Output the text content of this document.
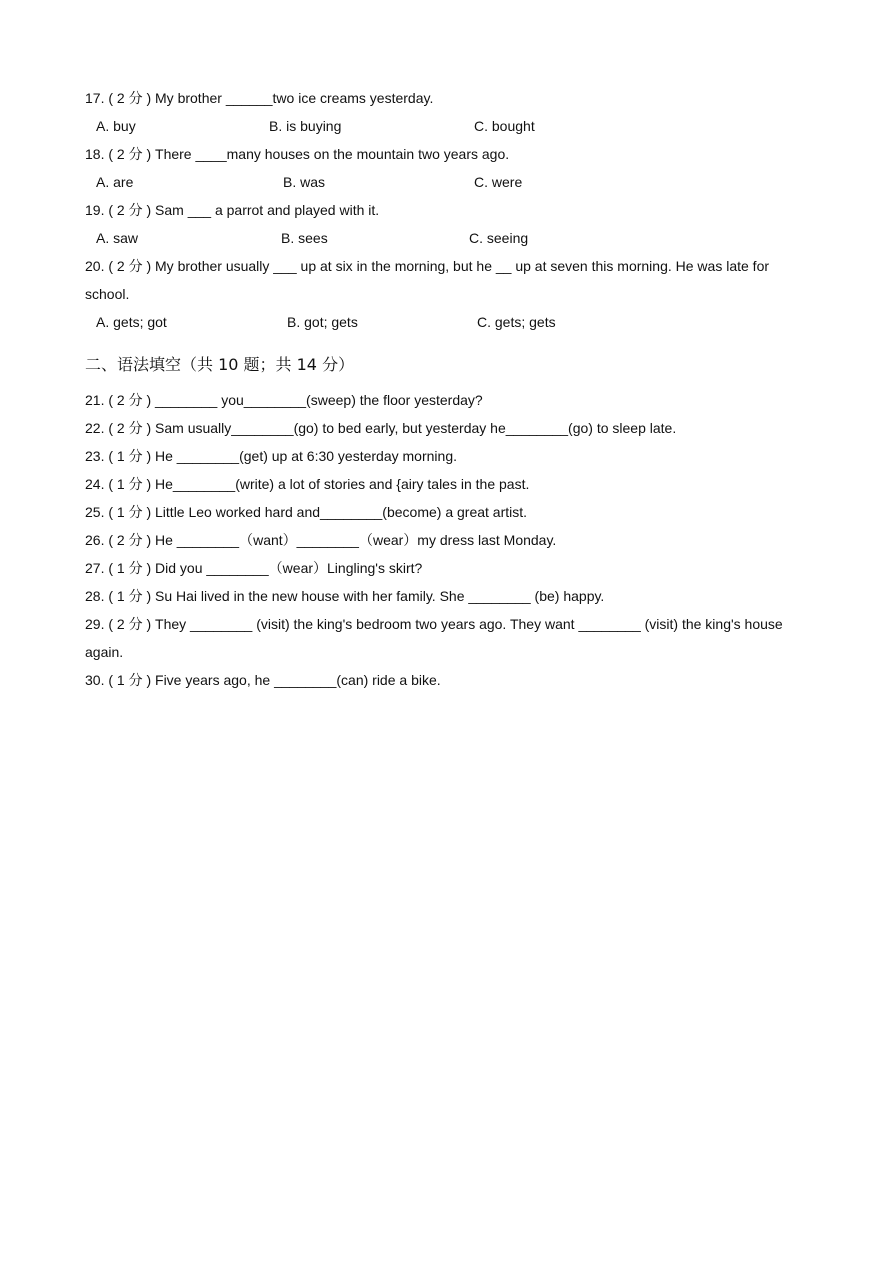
17. ( 2 分 ) My brother ______two ice creams yesterday.
A. buy	B. is buying	C. bought
18. ( 2 分 ) There ____many houses on the mountain two years ago.
A. are	B. was	C. were
19. ( 2 分 ) Sam ___ a parrot and played with it.
A. saw	B. sees	C. seeing
20. ( 2 分 ) My brother usually ___ up at six in the morning, but he __ up at seven this morning. He was late for school.
A. gets; got	B. got; gets	C. gets; gets
二、语法填空（共 10 题；共 14 分）
21. ( 2 分 ) ________ you________(sweep) the floor yesterday?
22. ( 2 分 ) Sam usually________(go) to bed early, but yesterday he________(go) to sleep late.
23. ( 1 分 ) He ________(get) up at 6:30 yesterday morning.
24. ( 1 分 ) He________(write) a lot of stories and {airy tales in the past.
25. ( 1 分 ) Little Leo worked hard and________(become) a great artist.
26. ( 2 分 ) He ________（want）________（wear）my dress last Monday.
27. ( 1 分 ) Did you ________（wear）Lingling's skirt?
28. ( 1 分 ) Su Hai lived in the new house with her family. She ________ (be) happy.
29. ( 2 分 ) They ________ (visit) the king's bedroom two years ago. They want ________ (visit) the king's house again.
30. ( 1 分 ) Five years ago, he ________(can) ride a bike.
